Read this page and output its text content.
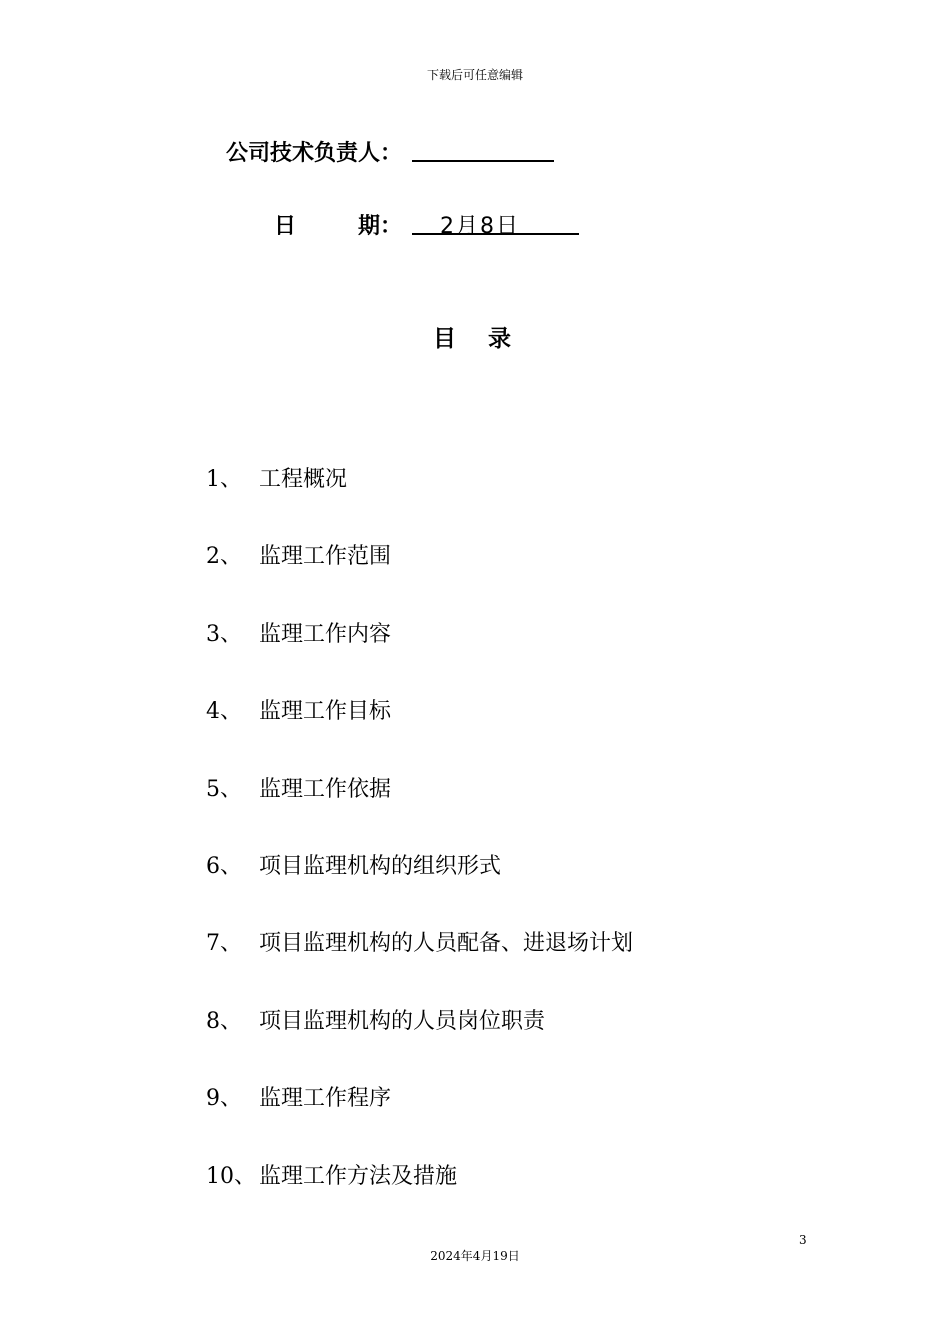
下载后可任意编辑
公司技术负责人：
日	期： 2月8日
目 录
1、 工程概况
2、 监理工作范围
3、 监理工作内容
4、 监理工作目标
5、 监理工作依据
6、 项目监理机构的组织形式
7、 项目监理机构的人员配备、进退场计划
8、 项目监理机构的人员岗位职责
9、 监理工作程序
10、 监理工作方法及措施
3
2024年4月19日
